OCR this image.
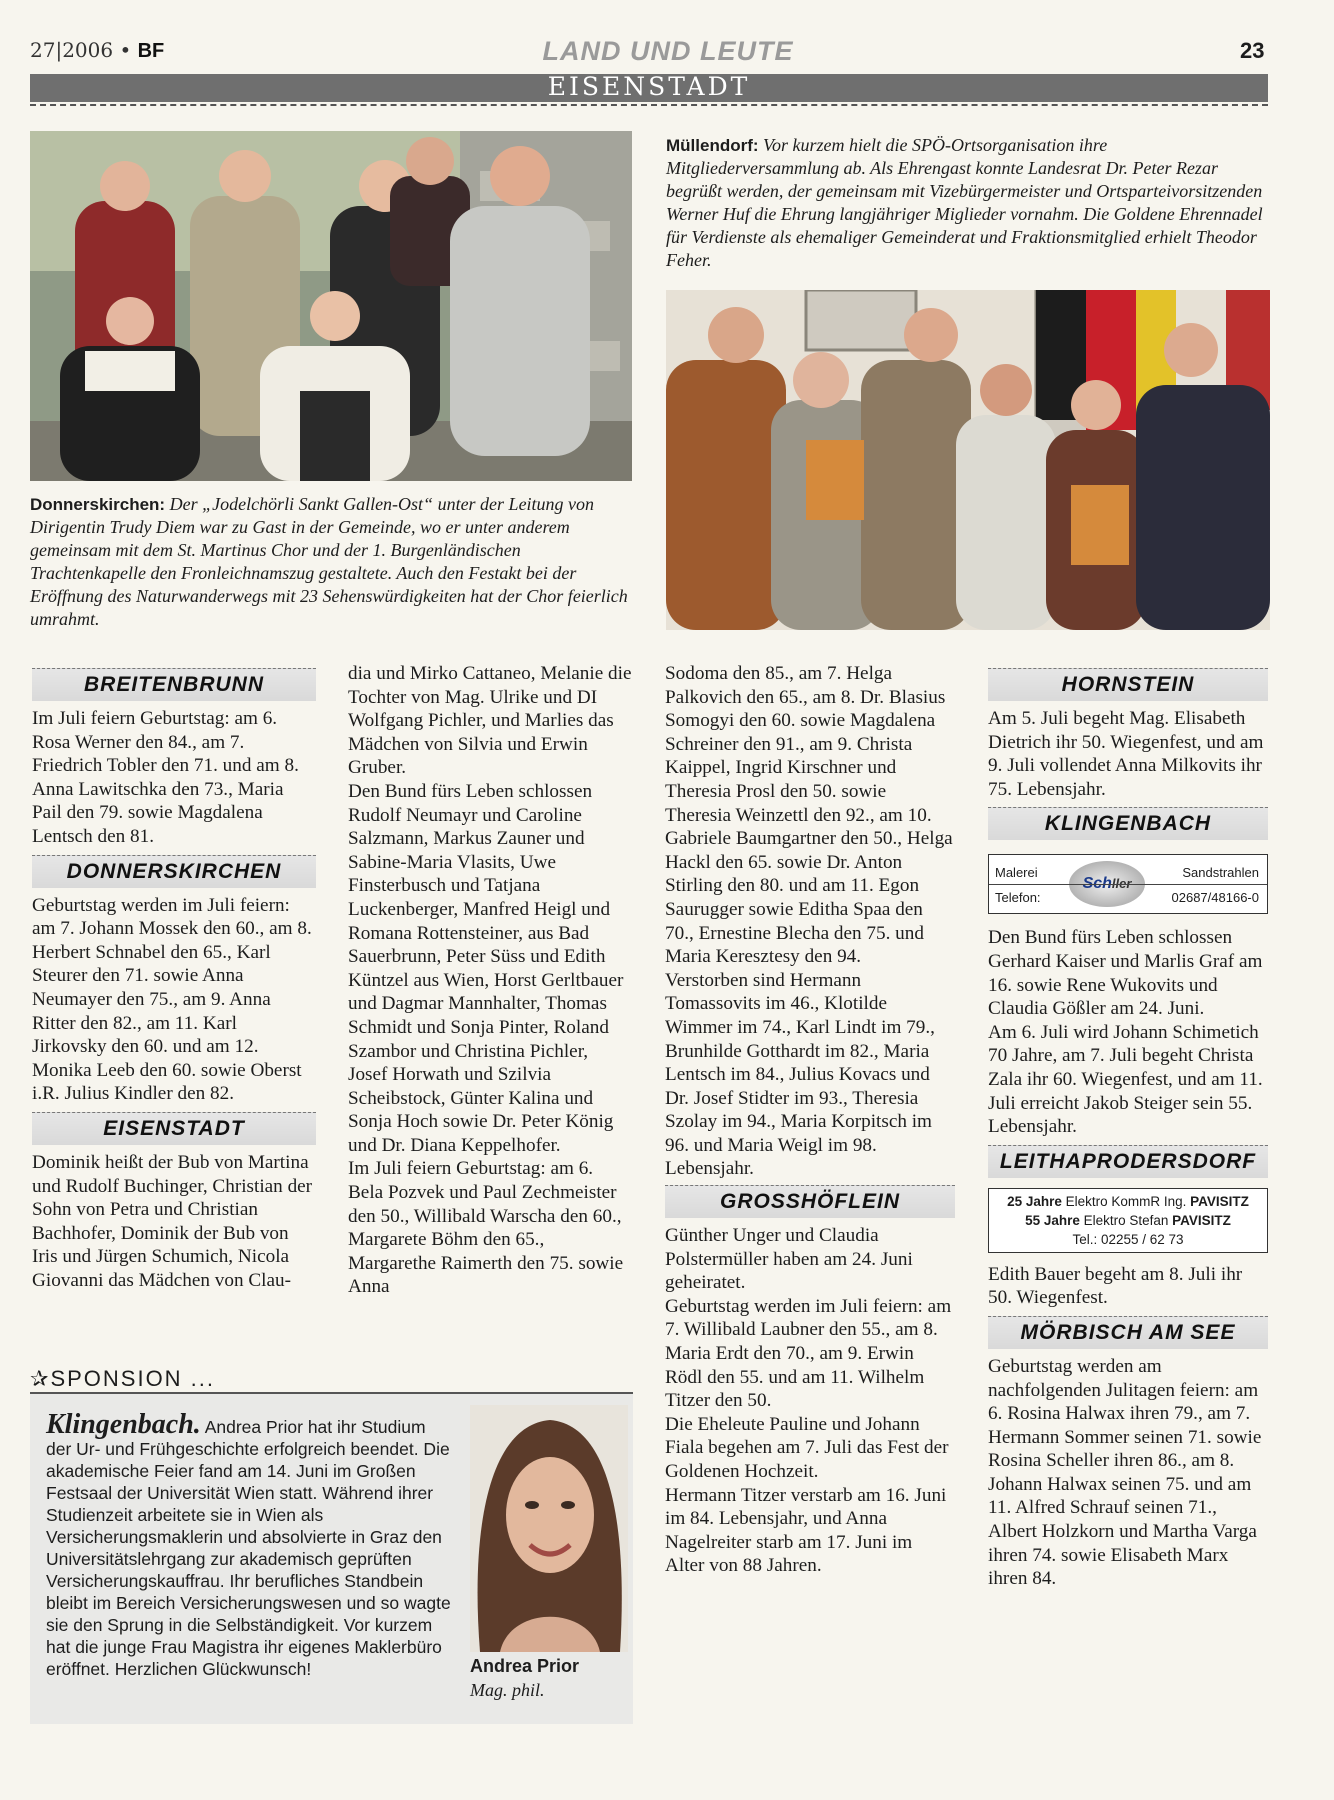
27|2006 • BF	LAND UND LEUTE	23
EISENSTADT
Müllendorf: Vor kurzem hielt die SPÖ-Ortsorganisation ihre Mitgliederversammlung ab. Als Ehrengast konnte Landesrat Dr. Peter Rezar begrüßt werden, der gemeinsam mit Vizebürgermeister und Ortsparteivorsitzenden Werner Huf die Ehrung langjähriger Miglieder vornahm. Die Goldene Ehrennadel für Verdienste als ehemaliger Gemeinderat und Fraktionsmitglied erhielt Theodor Feher.
Donnerskirchen: Der „Jodelchörli Sankt Gallen-Ost“ unter der Leitung von Dirigentin Trudy Diem war zu Gast in der Gemeinde, wo er unter anderem gemeinsam mit dem St. Martinus Chor und der 1. Burgenländischen Trachtenkapelle den Fronleichnamszug gestaltete. Auch den Festakt bei der Eröffnung des Naturwanderwegs mit 23 Sehenswürdigkeiten hat der Chor feierlich umrahmt.
BREITENBRUNN

Im Juli feiern Geburtstag: am 6. Rosa Werner den 84., am 7. Friedrich Tobler den 71. und am 8. Anna Lawitschka den 73., Maria Pail den 79. sowie Magdalena Lentsch den 81.

DONNERSKIRCHEN

Geburtstag werden im Juli feiern: am 7. Johann Mossek den 60., am 8. Herbert Schnabel den 65., Karl Steurer den 71. sowie Anna Neumayer den 75., am 9. Anna Ritter den 82., am 11. Karl Jirkovsky den 60. und am 12. Monika Leeb den 60. sowie Oberst i.R. Julius Kindler den 82.

EISENSTADT

Dominik heißt der Bub von Martina und Rudolf Buchinger, Christian der Sohn von Petra und Christian Bachhofer, Dominik der Bub von Iris und Jürgen Schumich, Nicola Giovanni das Mädchen von Clau-

dia und Mirko Cattaneo, Melanie die Tochter von Mag. Ulrike und DI Wolfgang Pichler, und Marlies das Mädchen von Silvia und Erwin Gruber.

Den Bund fürs Leben schlossen Rudolf Neumayr und Caroline Salzmann, Markus Zauner und Sabine-Maria Vlasits, Uwe Finsterbusch und Tatjana Luckenberger, Manfred Heigl und Romana Rottensteiner, aus Bad Sauerbrunn, Peter Süss und Edith Küntzel aus Wien, Horst Gerltbauer und Dagmar Mannhalter, Thomas Schmidt und Sonja Pinter, Roland Szambor und Christina Pichler, Josef Horwath und Szilvia Scheibstock, Günter Kalina und Sonja Hoch sowie Dr. Peter König und Dr. Diana Keppelhofer.

Im Juli feiern Geburtstag: am 6. Bela Pozvek und Paul Zechmeister den 50., Willibald Warscha den 60., Margarete Böhm den 65., Margarethe Raimerth den 75. sowie Anna

Sodoma den 85., am 7. Helga Palkovich den 65., am 8. Dr. Blasius Somogyi den 60. sowie Magdalena Schreiner den 91., am 9. Christa Kaippel, Ingrid Kirschner und Theresia Prosl den 50. sowie Theresia Weinzettl den 92., am 10. Gabriele Baumgartner den 50., Helga Hackl den 65. sowie Dr. Anton Stirling den 80. und am 11. Egon Saurugger sowie Editha Spaa den 70., Ernestine Blecha den 75. und Maria Keresztesy den 94.

Verstorben sind Hermann Tomassovits im 46., Klotilde Wimmer im 74., Karl Lindt im 79., Brunhilde Gotthardt im 82., Maria Lentsch im 84., Julius Kovacs und Dr. Josef Stidter im 93., Theresia Szolay im 94., Maria Korpitsch im 96. und Maria Weigl im 98. Lebensjahr.

GROSSHÖFLEIN

Günther Unger und Claudia Polstermüller haben am 24. Juni geheiratet.

Geburtstag werden im Juli feiern: am 7. Willibald Laubner den 55., am 8. Maria Erdt den 70., am 9. Erwin Rödl den 55. und am 11. Wilhelm Titzer den 50.

Die Eheleute Pauline und Johann Fiala begehen am 7. Juli das Fest der Goldenen Hochzeit.

Hermann Titzer verstarb am 16. Juni im 84. Lebensjahr, und Anna Nagelreiter starb am 17. Juni im Alter von 88 Jahren.

HORNSTEIN

Am 5. Juli begeht Mag. Elisabeth Dietrich ihr 50. Wiegenfest, und am 9. Juli vollendet Anna Milkovits ihr 75. Lebensjahr.

KLINGENBACH
Malerei	Sandstrahlen
Telefon:	02687/48166-0
Schller

Den Bund fürs Leben schlossen Gerhard Kaiser und Marlis Graf am 16. sowie Rene Wukovits und Claudia Gößler am 24. Juni.

Am 6. Juli wird Johann Schimetich 70 Jahre, am 7. Juli begeht Christa Zala ihr 60. Wiegenfest, und am 11. Juli erreicht Jakob Steiger sein 55. Lebensjahr.

LEITHAPRODERSDORF
25 Jahre Elektro KommR Ing. PAVISITZ
55 Jahre Elektro Stefan PAVISITZ
Tel.: 02255 / 62 73

Edith Bauer begeht am 8. Juli ihr 50. Wiegenfest.

MÖRBISCH AM SEE

Geburtstag werden am nachfolgenden Julitagen feiern: am 6. Rosina Halwax ihren 79., am 7. Hermann Sommer seinen 71. sowie Rosina Scheller ihren 86., am 8. Johann Halwax seinen 75. und am 11. Alfred Schrauf seinen 71., Albert Holzkorn und Martha Varga ihren 74. sowie Elisabeth Marx ihren 84.

✰SPONSION ...
Klingenbach. Andrea Prior hat ihr Studium der Ur- und Frühgeschichte erfolgreich beendet. Die akademische Feier fand am 14. Juni im Großen Festsaal der Universität Wien statt. Während ihrer Studienzeit arbeitete sie in Wien als Versicherungsmaklerin und absolvierte in Graz den Universitätslehrgang zur akademisch geprüften Versicherungskauffrau. Ihr berufliches Standbein bleibt im Bereich Versicherungswesen und so wagte sie den Sprung in die Selbständigkeit. Vor kurzem hat die junge Frau Magistra ihr eigenes Maklerbüro eröffnet. Herzlichen Glückwunsch!	Andrea Prior
Mag. phil.
